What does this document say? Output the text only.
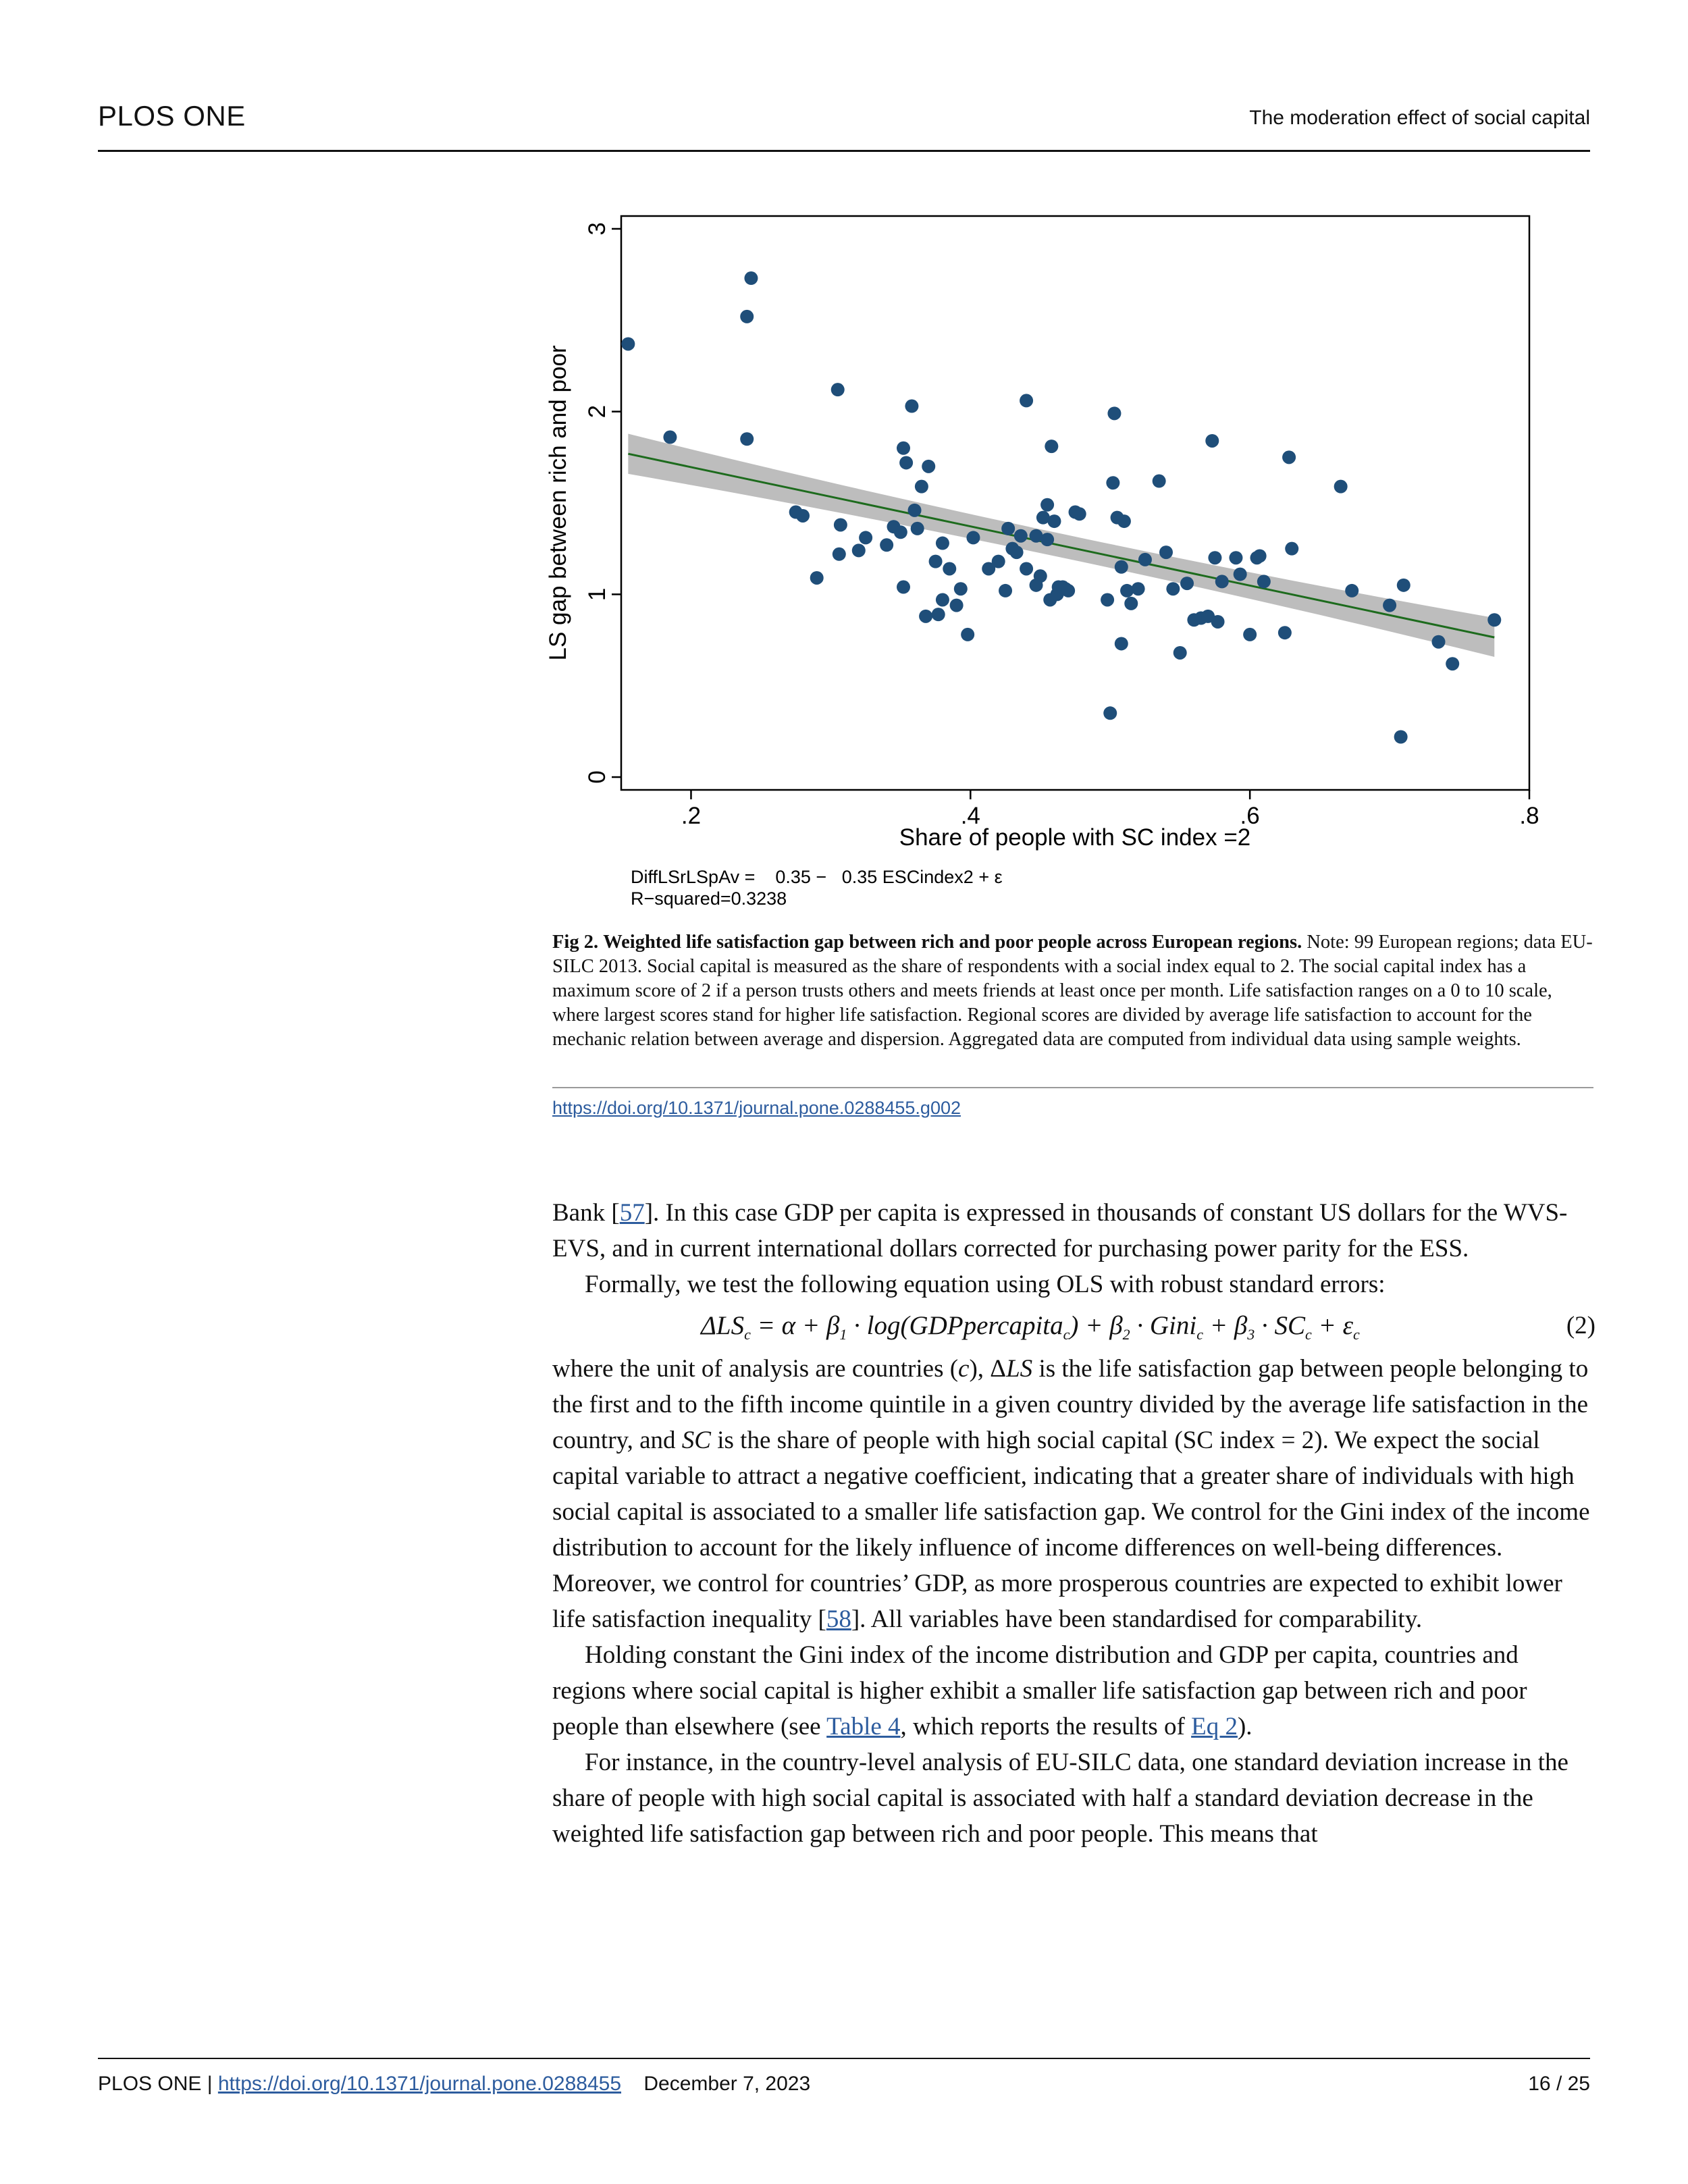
PLOS ONE	The moderation effect of social capital
.2	.4	.6	.8
0
1
2
3
Share of people with SC index =2
LS gap between rich and poor
DiffLSrLSpAv =    0.35 −   0.35 ESCindex2 + ε
R−squared=0.3238
Fig 2. Weighted life satisfaction gap between rich and poor people across European regions. Note: 99 European regions; data EU-SILC 2013. Social capital is measured as the share of respondents with a social index equal to 2. The social capital index has a maximum score of 2 if a person trusts others and meets friends at least once per month. Life satisfaction ranges on a 0 to 10 scale, where largest scores stand for higher life satisfaction. Regional scores are divided by average life satisfaction to account for the mechanic relation between average and dispersion. Aggregated data are computed from individual data using sample weights.
https://doi.org/10.1371/journal.pone.0288455.g002

Bank [57]. In this case GDP per capita is expressed in thousands of constant US dollars for the WVS-EVS, and in current international dollars corrected for purchasing power parity for the ESS.

Formally, we test the following equation using OLS with robust standard errors:

$\Delta LS_c = \alpha + \beta_1$ · log(GDPpercapita$_c$) + $\beta_2$ · Gini$_c$ + $\beta_3 \cdot SC_c + \varepsilon_c$	(2)

where the unit of analysis are countries (c), ΔLS is the life satisfaction gap between people belonging to the first and to the fifth income quintile in a given country divided by the average life satisfaction in the country, and SC is the share of people with high social capital (SC index = 2). We expect the social capital variable to attract a negative coefficient, indicating that a greater share of individuals with high social capital is associated to a smaller life satisfaction gap. We control for the Gini index of the income distribution to account for the likely influence of income differences on well-being differences. Moreover, we control for countries’ GDP, as more prosperous countries are expected to exhibit lower life satisfaction inequality [58]. All variables have been standardised for comparability.

Holding constant the Gini index of the income distribution and GDP per capita, countries and regions where social capital is higher exhibit a smaller life satisfaction gap between rich and poor people than elsewhere (see Table 4, which reports the results of Eq 2).

For instance, in the country-level analysis of EU-SILC data, one standard deviation increase in the share of people with high social capital is associated with half a standard deviation decrease in the weighted life satisfaction gap between rich and poor people. This means that

PLOS ONE | https://doi.org/10.1371/journal.pone.0288455 December 7, 2023	16 / 25
